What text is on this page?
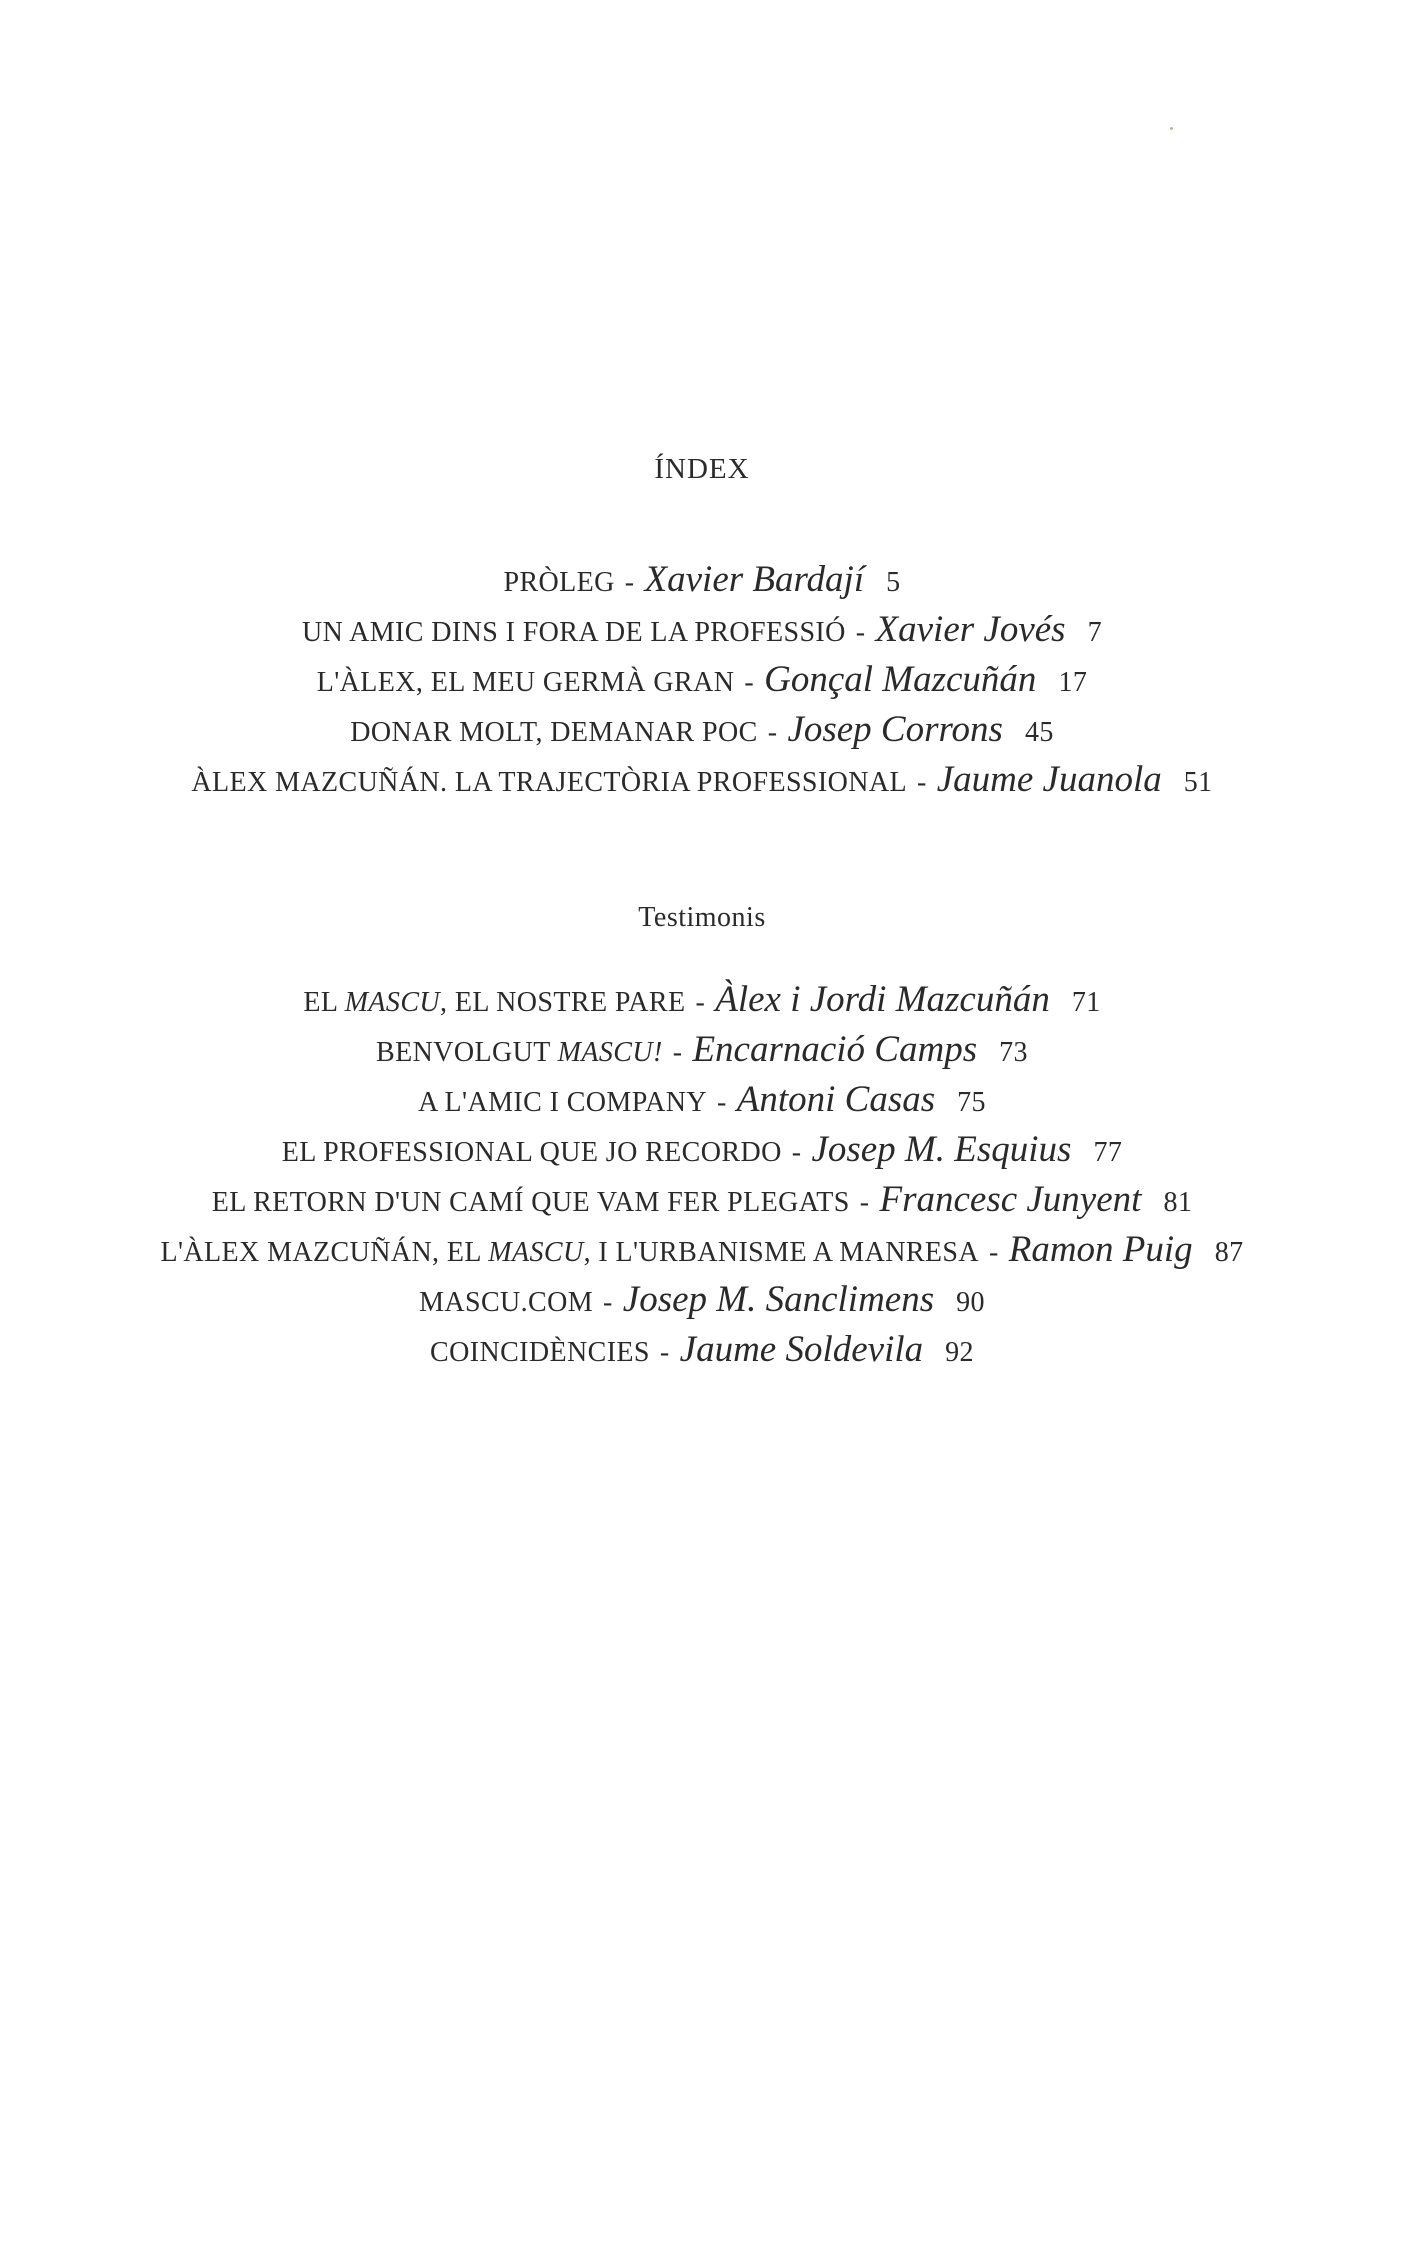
ÍNDEX
PRÒLEG - Xavier Bardají 5
UN AMIC DINS I FORA DE LA PROFESSIÓ - Xavier Jovés 7
L'ÀLEX, EL MEU GERMÀ GRAN - Gonçal Mazcuñán 17
DONAR MOLT, DEMANAR POC - Josep Corrons 45
ÀLEX MAZCUÑÁN. LA TRAJECTÒRIA PROFESSIONAL - Jaume Juanola 51
Testimonis
EL MASCU, EL NOSTRE PARE - Àlex i Jordi Mazcuñán 71
BENVOLGUT MASCU! - Encarnació Camps 73
A L'AMIC I COMPANY - Antoni Casas 75
EL PROFESSIONAL QUE JO RECORDO - Josep M. Esquius 77
EL RETORN D'UN CAMÍ QUE VAM FER PLEGATS - Francesc Junyent 81
L'ÀLEX MAZCUÑÁN, EL MASCU, I L'URBANISME A MANRESA - Ramon Puig 87
MASCU.COM - Josep M. Sanclimens 90
COINCIDÈNCIES - Jaume Soldevila 92
